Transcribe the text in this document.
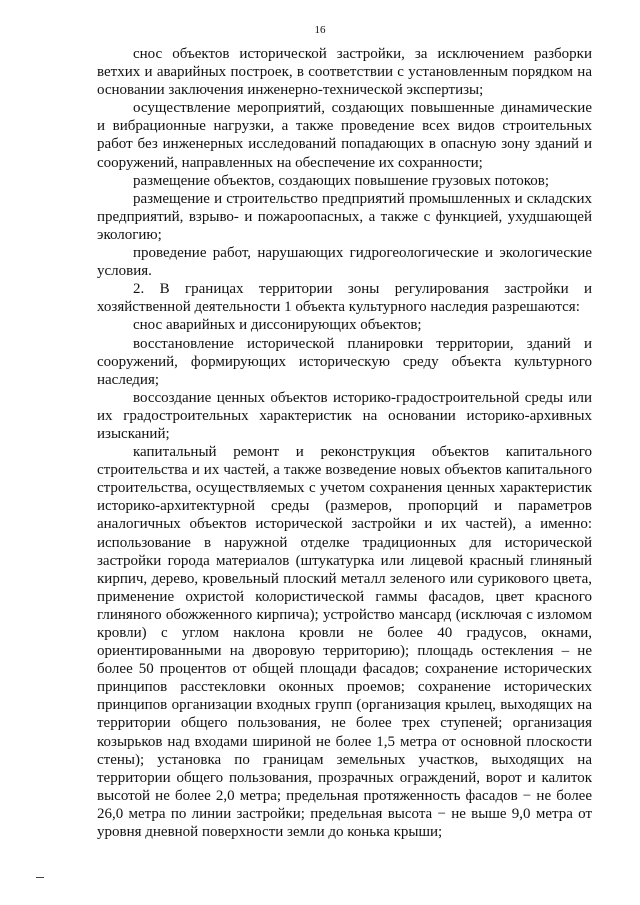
16

снос объектов исторической застройки, за исключением разборки ветхих и аварийных построек, в соответствии с установленным порядком на основании заключения инженерно-технической экспертизы;

осуществление мероприятий, создающих повышенные динамические и вибрационные нагрузки, а также проведение всех видов строительных работ без инженерных исследований попадающих в опасную зону зданий и сооружений, направленных на обеспечение их сохранности;

размещение объектов, создающих повышение грузовых потоков;

размещение и строительство предприятий промышленных и складских предприятий, взрыво- и пожароопасных, а также с функцией, ухудшающей экологию;

проведение работ, нарушающих гидрогеологические и экологические условия.

2. В границах территории зоны регулирования застройки и хозяйственной деятельности 1 объекта культурного наследия разрешаются:

снос аварийных и диссонирующих объектов;

восстановление исторической планировки территории, зданий и сооружений, формирующих историческую среду объекта культурного наследия;

воссоздание ценных объектов историко-градостроительной среды или их градостроительных характеристик на основании историко-архивных изысканий;

капитальный ремонт и реконструкция объектов капитального строительства и их частей, а также возведение новых объектов капитального строительства, осуществляемых с учетом сохранения ценных характеристик историко-архитектурной среды (размеров, пропорций и параметров аналогичных объектов исторической застройки и их частей), а именно: использование в наружной отделке традиционных для исторической застройки города материалов (штукатурка или лицевой красный глиняный кирпич, дерево, кровельный плоский металл зеленого или сурикового цвета, применение охристой колористической гаммы фасадов, цвет красного глиняного обожженного кирпича); устройство мансард (исключая с изломом кровли) с углом наклона кровли не более 40 градусов, окнами, ориентированными на дворовую территорию); площадь остекления – не более 50 процентов от общей площади фасадов; сохранение исторических принципов расстекловки оконных проемов; сохранение исторических принципов организации входных групп (организация крылец, выходящих на территории общего пользования, не более трех ступеней; организация козырьков над входами шириной не более 1,5 метра от основной плоскости стены); установка по границам земельных участков, выходящих на территории общего пользования, прозрачных ограждений, ворот и калиток высотой не более 2,0 метра; предельная протяженность фасадов − не более 26,0 метра по линии застройки; предельная высота − не выше 9,0 метра от уровня дневной поверхности земли до конька крыши;
